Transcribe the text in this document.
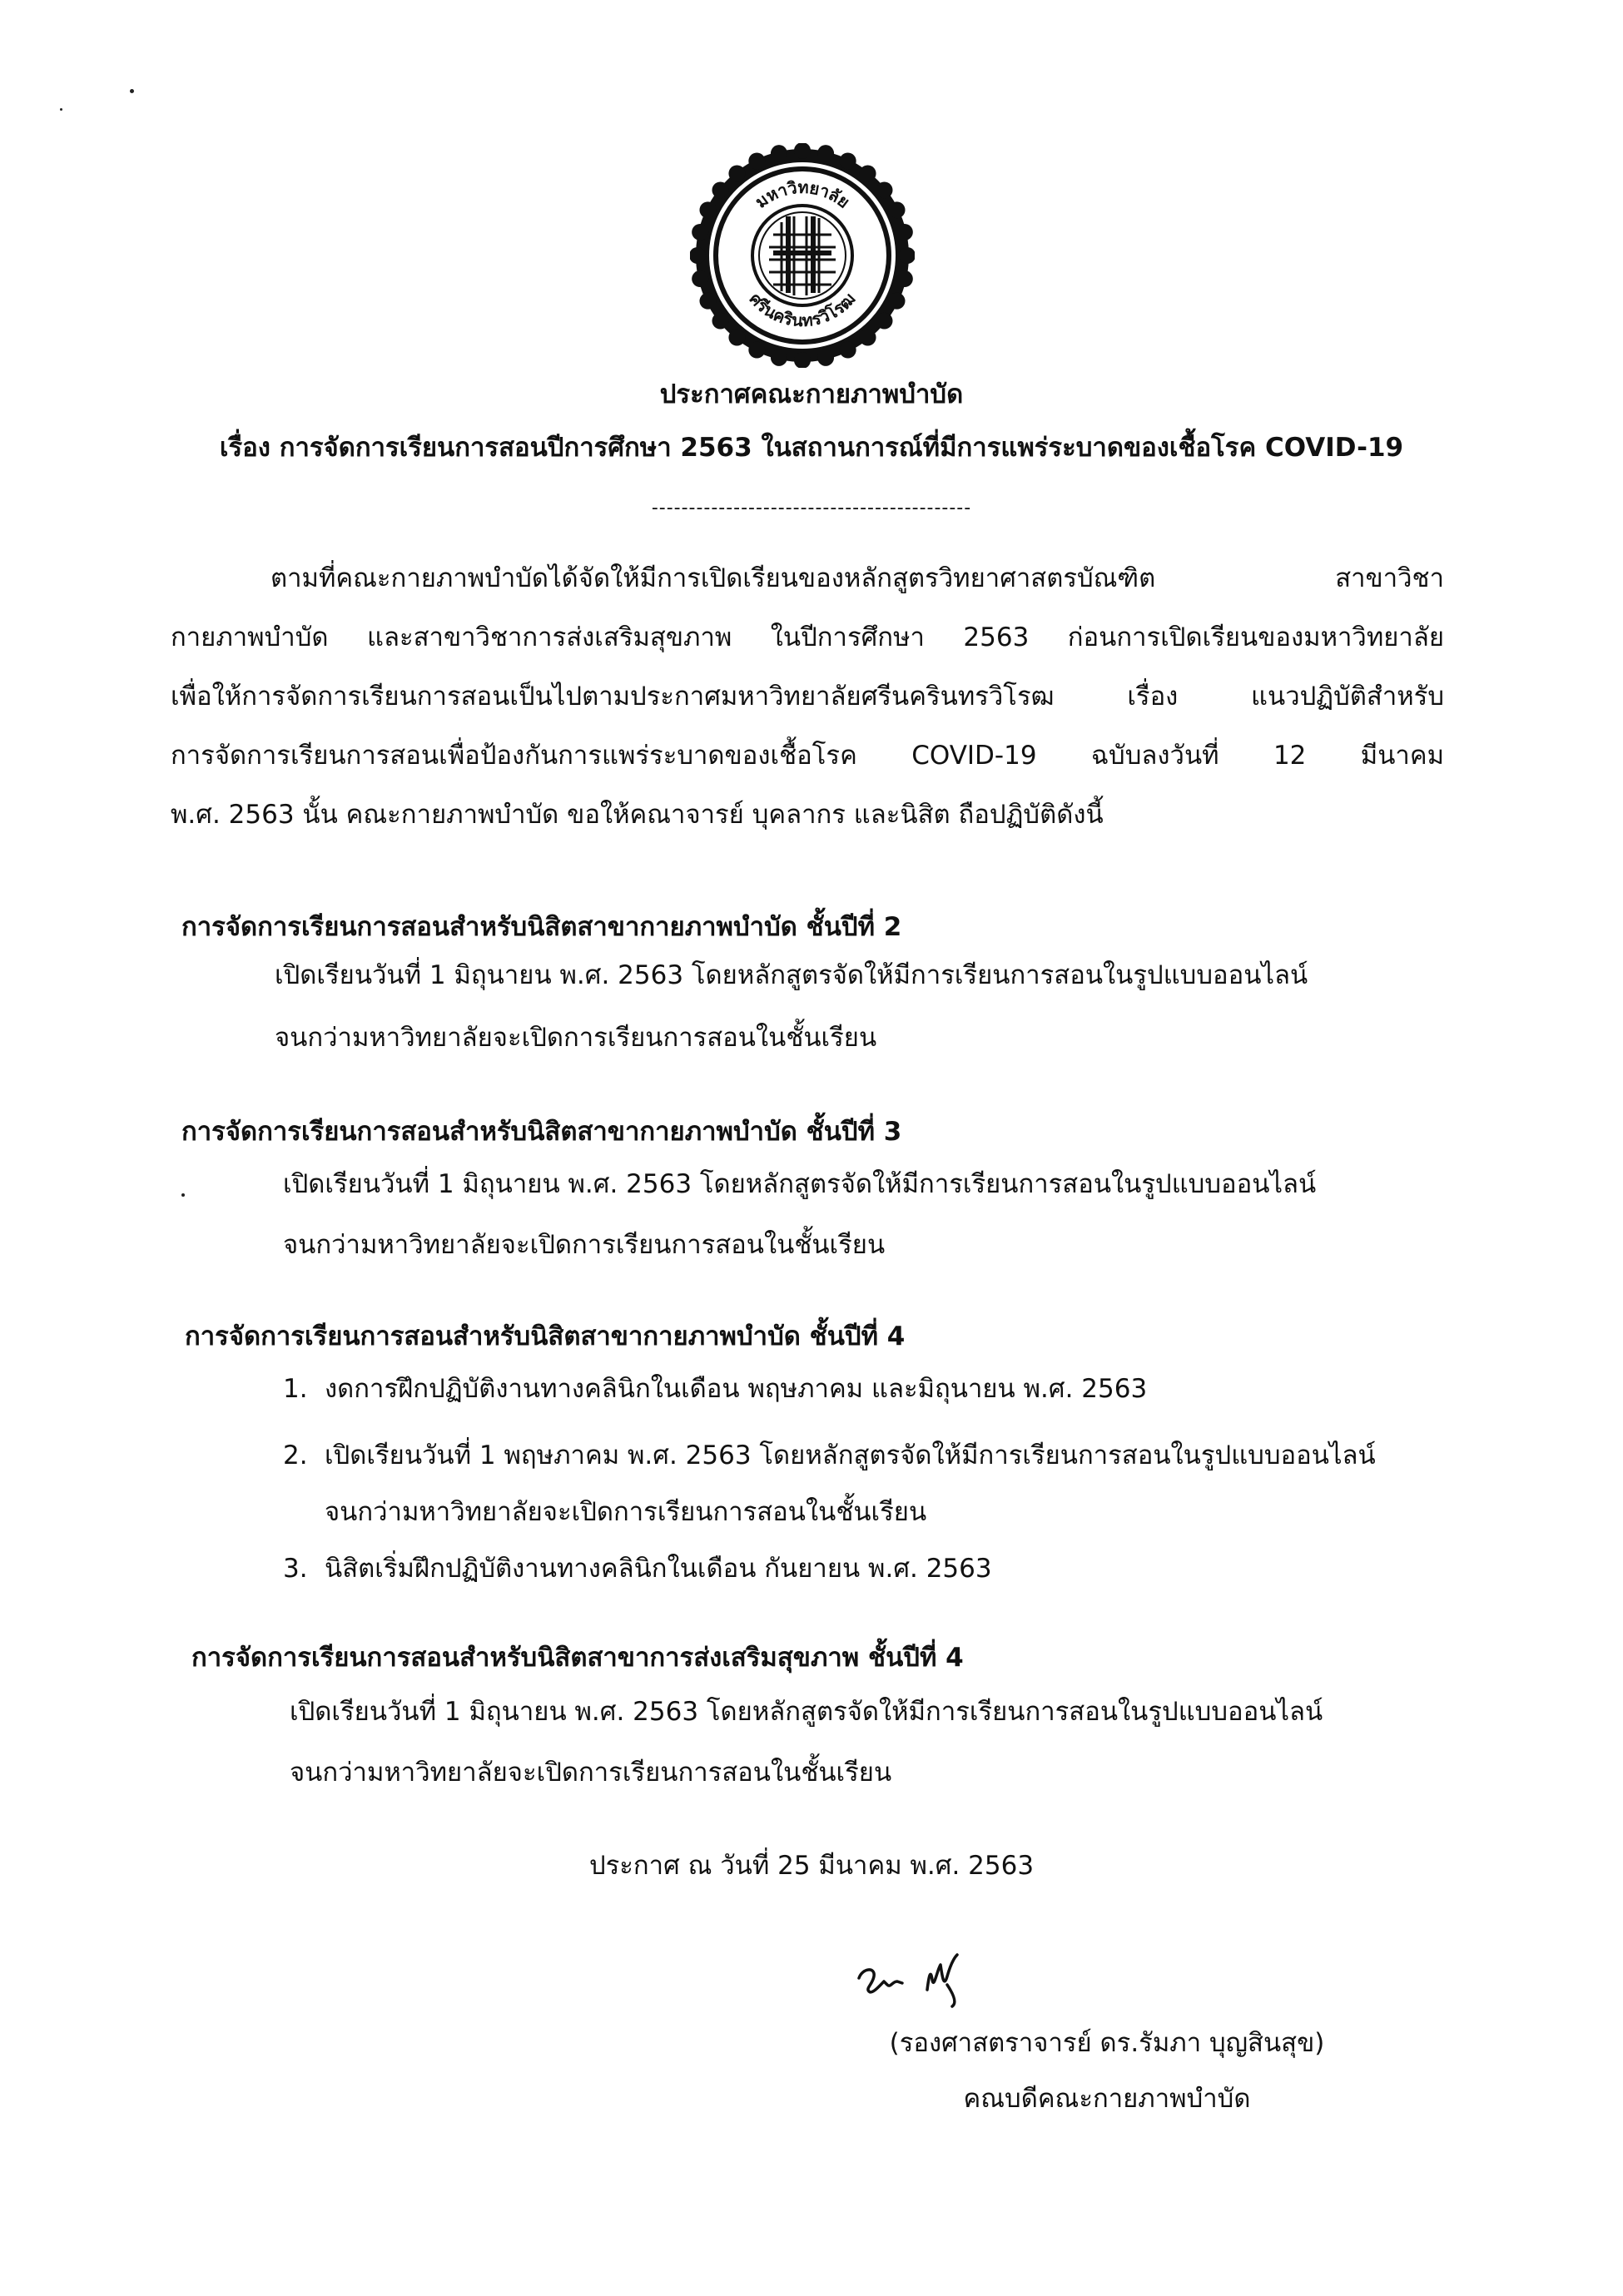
มหาวิทยาลัย
ศรีนครินทรวิโรฒ
ประกาศคณะกายภาพบำบัด
เรื่อง การจัดการเรียนการสอนปีการศึกษา 2563 ในสถานการณ์ที่มีการแพร่ระบาดของเชื้อโรค COVID-19
-------------------------------------------
ตามที่คณะกายภาพบำบัดได้จัดให้มีการเปิดเรียนของหลักสูตรวิทยาศาสตรบัณฑิต สาขาวิชา
กายภาพบำบัด และสาขาวิชาการส่งเสริมสุขภาพ ในปีการศึกษา 2563 ก่อนการเปิดเรียนของมหาวิทยาลัย
เพื่อให้การจัดการเรียนการสอนเป็นไปตามประกาศมหาวิทยาลัยศรีนครินทรวิโรฒ เรื่อง แนวปฏิบัติสำหรับ
การจัดการเรียนการสอนเพื่อป้องกันการแพร่ระบาดของเชื้อโรค COVID-19 ฉบับลงวันที่ 12 มีนาคม
พ.ศ. 2563 นั้น คณะกายภาพบำบัด ขอให้คณาจารย์ บุคลากร และนิสิต ถือปฏิบัติดังนี้
การจัดการเรียนการสอนสำหรับนิสิตสาขากายภาพบำบัด ชั้นปีที่ 2
เปิดเรียนวันที่ 1 มิถุนายน พ.ศ. 2563 โดยหลักสูตรจัดให้มีการเรียนการสอนในรูปแบบออนไลน์
จนกว่ามหาวิทยาลัยจะเปิดการเรียนการสอนในชั้นเรียน
การจัดการเรียนการสอนสำหรับนิสิตสาขากายภาพบำบัด ชั้นปีที่ 3
เปิดเรียนวันที่ 1 มิถุนายน พ.ศ. 2563 โดยหลักสูตรจัดให้มีการเรียนการสอนในรูปแบบออนไลน์
จนกว่ามหาวิทยาลัยจะเปิดการเรียนการสอนในชั้นเรียน
การจัดการเรียนการสอนสำหรับนิสิตสาขากายภาพบำบัด ชั้นปีที่ 4
1. งดการฝึกปฏิบัติงานทางคลินิกในเดือน พฤษภาคม และมิถุนายน พ.ศ. 2563
2. เปิดเรียนวันที่ 1 พฤษภาคม พ.ศ. 2563 โดยหลักสูตรจัดให้มีการเรียนการสอนในรูปแบบออนไลน์
จนกว่ามหาวิทยาลัยจะเปิดการเรียนการสอนในชั้นเรียน
3. นิสิตเริ่มฝึกปฏิบัติงานทางคลินิกในเดือน กันยายน พ.ศ. 2563
การจัดการเรียนการสอนสำหรับนิสิตสาขาการส่งเสริมสุขภาพ ชั้นปีที่ 4
เปิดเรียนวันที่ 1 มิถุนายน พ.ศ. 2563 โดยหลักสูตรจัดให้มีการเรียนการสอนในรูปแบบออนไลน์
จนกว่ามหาวิทยาลัยจะเปิดการเรียนการสอนในชั้นเรียน
ประกาศ ณ วันที่ 25 มีนาคม พ.ศ. 2563
(รองศาสตราจารย์ ดร.รัมภา บุญสินสุข)
คณบดีคณะกายภาพบำบัด
